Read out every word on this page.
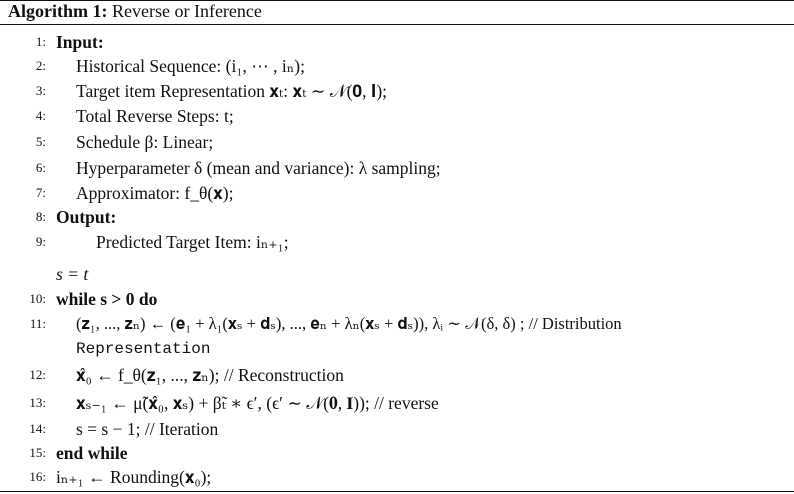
Algorithm 1: Reverse or Inference
1: Input:
2: Historical Sequence: (i₁, ⋯ , iₙ);
3: Target item Representation 𝐱ₜ: 𝐱ₜ ∼ 𝒩(𝟎, 𝐈);
4: Total Reverse Steps: t;
5: Schedule β: Linear;
6: Hyperparameter δ (mean and variance): λ sampling;
7: Approximator: f_θ(𝐱);
8: Output:
9:	Predicted Target Item: iₙ₊₁;
s = t
10: while s > 0 do
11: (𝐳₁, ..., 𝐳ₙ) ← (𝐞₁ + λ₁(𝐱ₛ + 𝐝ₛ), ..., 𝐞ₙ + λₙ(𝐱ₛ + 𝐝ₛ)), λᵢ ∼ 𝒩(δ, δ) ; // Distribution
Representation
12: 𝐱̂₀ ← f_θ(𝐳₁, ..., 𝐳ₙ); // Reconstruction
13: 𝐱ₛ₋₁ ← μ̃(𝐱̂₀, 𝐱ₛ) + β̃ₜ ∗ ϵ′, (ϵ′ ∼ 𝒩(𝟎, 𝐈)); // reverse
14: s = s − 1; // Iteration
15: end while
16: iₙ₊₁ ← Rounding(𝐱₀);
